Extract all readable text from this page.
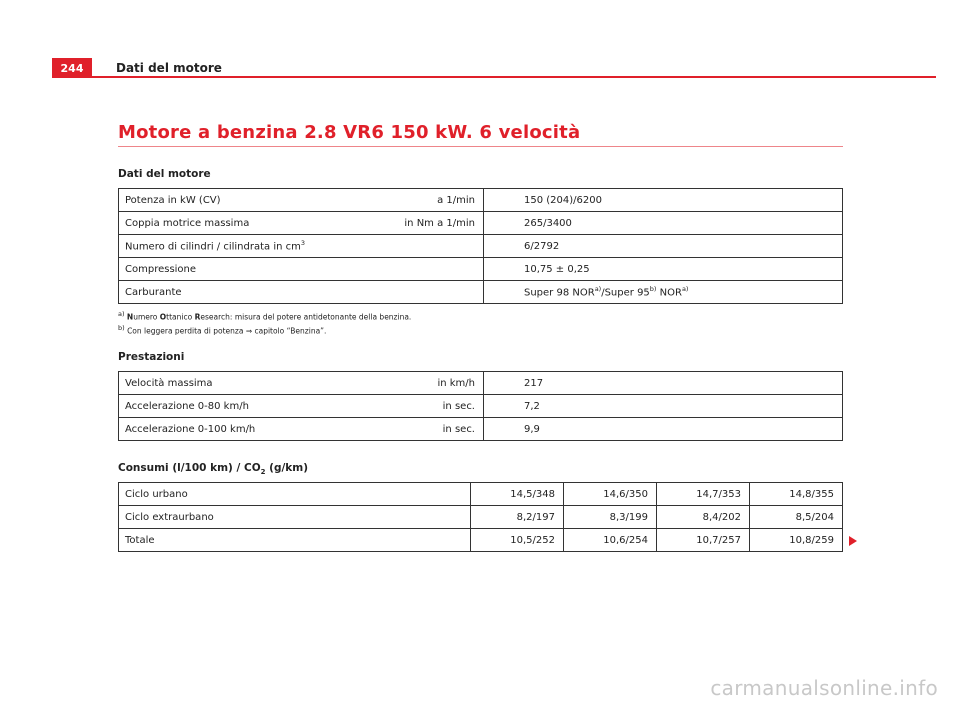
244	Dati del motore
Motore a benzina 2.8 VR6 150 kW. 6 velocità
Dati del motore
Potenza in kW (CV)	a 1/min	150 (204)/6200
Coppia motrice massima	in Nm a 1/min	265/3400
Numero di cilindri / cilindrata in $cm^3$		6/2792
Compressione		10,75 ± 0,25
Carburante		Super 98 NOR$^{a)}$/Super 95$^{b)}$ NOR$^{a)}$
$^{a)}$ Numero Ottanico Research: misura del potere antidetonante della benzina.
$^{b)}$ Con leggera perdita di potenza ⇒ capitolo “Benzina”.
Prestazioni
Velocità massima	in km/h	217
Accelerazione 0-80 km/h	in sec.	7,2
Accelerazione 0-100 km/h	in sec.	9,9
Consumi (l/100 $km) / CO_2$ (g/km)
Ciclo urbano	14,5/348	14,6/350	14,7/353	14,8/355
Ciclo extraurbano	8,2/197	8,3/199	8,4/202	8,5/204
Totale	10,5/252	10,6/254	10,7/257	10,8/259
carmanualsonline.info
